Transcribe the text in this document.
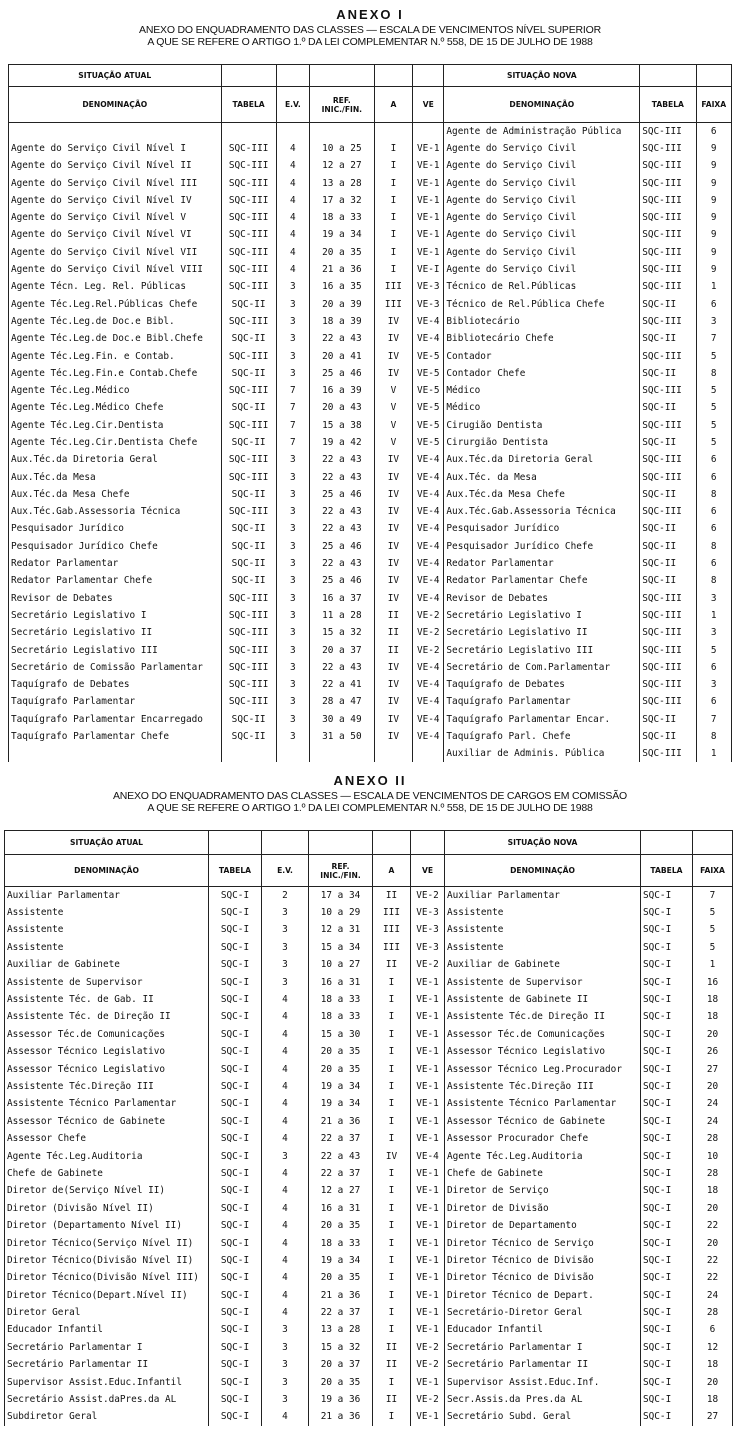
ANEXO I
ANEXO DO ENQUADRAMENTO DAS CLASSES — ESCALA DE VENCIMENTOS NÍVEL SUPERIOR
A QUE SE REFERE O ARTIGO 1.º DA LEI COMPLEMENTAR N.º 558, DE 15 DE JULHO DE 1988
SITUAÇÃO ATUAL						SITUAÇÃO NOVA		
DENOMINAÇÃO	TABELA	E.V.	REF.
INIC./FIN.	A	VE	DENOMINAÇÃO	TABELA	FAIXA
						Agente de Administração Pública	SQC-III	6
Agente do Serviço Civil Nível I	SQC-III	4	10 a 25	I	VE-1	Agente do Serviço Civil	SQC-III	9
Agente do Serviço Civil Nível II	SQC-III	4	12 a 27	I	VE-1	Agente do Serviço Civil	SQC-III	9
Agente do Serviço Civil Nível III	SQC-III	4	13 a 28	I	VE-1	Agente do Serviço Civil	SQC-III	9
Agente do Serviço Civil Nível IV	SQC-III	4	17 a 32	I	VE-1	Agente do Serviço Civil	SQC-III	9
Agente do Serviço Civil Nível V	SQC-III	4	18 a 33	I	VE-1	Agente do Serviço Civil	SQC-III	9
Agente do Serviço Civil Nível VI	SQC-III	4	19 a 34	I	VE-1	Agente do Serviço Civil	SQC-III	9
Agente do Serviço Civil Nível VII	SQC-III	4	20 a 35	I	VE-1	Agente do Serviço Civil	SQC-III	9
Agente do Serviço Civil Nível VIII	SQC-III	4	21 a 36	I	VE-I	Agente do Serviço Civil	SQC-III	9
Agente Técn. Leg. Rel. Públicas	SQC-III	3	16 a 35	III	VE-3	Técnico de Rel.Públicas	SQC-III	1
Agente Téc.Leg.Rel.Públicas Chefe	SQC-II	3	20 a 39	III	VE-3	Técnico de Rel.Pública Chefe	SQC-II	6
Agente Téc.Leg.de Doc.e Bibl.	SQC-III	3	18 a 39	IV	VE-4	Bibliotecário	SQC-III	3
Agente Téc.Leg.de Doc.e Bibl.Chefe	SQC-II	3	22 a 43	IV	VE-4	Bibliotecário Chefe	SQC-II	7
Agente Téc.Leg.Fin. e Contab.	SQC-III	3	20 a 41	IV	VE-5	Contador	SQC-III	5
Agente Téc.Leg.Fin.e Contab.Chefe	SQC-II	3	25 a 46	IV	VE-5	Contador Chefe	SQC-II	8
Agente Téc.Leg.Médico	SQC-III	7	16 a 39	V	VE-5	Médico	SQC-III	5
Agente Téc.Leg.Médico Chefe	SQC-II	7	20 a 43	V	VE-5	Médico	SQC-II	5
Agente Téc.Leg.Cir.Dentista	SQC-III	7	15 a 38	V	VE-5	Cirugião Dentista	SQC-III	5
Agente Téc.Leg.Cir.Dentista Chefe	SQC-II	7	19 a 42	V	VE-5	Cirurgião Dentista	SQC-II	5
Aux.Téc.da Diretoria Geral	SQC-III	3	22 a 43	IV	VE-4	Aux.Téc.da Diretoria Geral	SQC-III	6
Aux.Téc.da Mesa	SQC-III	3	22 a 43	IV	VE-4	Aux.Téc. da Mesa	SQC-III	6
Aux.Téc.da Mesa Chefe	SQC-II	3	25 a 46	IV	VE-4	Aux.Téc.da Mesa Chefe	SQC-II	8
Aux.Téc.Gab.Assessoria Técnica	SQC-III	3	22 a 43	IV	VE-4	Aux.Téc.Gab.Assessoria Técnica	SQC-III	6
Pesquisador Jurídico	SQC-II	3	22 a 43	IV	VE-4	Pesquisador Jurídico	SQC-II	6
Pesquisador Jurídico Chefe	SQC-II	3	25 a 46	IV	VE-4	Pesquisador Jurídico Chefe	SQC-II	8
Redator Parlamentar	SQC-II	3	22 a 43	IV	VE-4	Redator Parlamentar	SQC-II	6
Redator Parlamentar Chefe	SQC-II	3	25 a 46	IV	VE-4	Redator Parlamentar Chefe	SQC-II	8
Revisor de Debates	SQC-III	3	16 a 37	IV	VE-4	Revisor de Debates	SQC-III	3
Secretário Legislativo I	SQC-III	3	11 a 28	II	VE-2	Secretário Legislativo I	SQC-III	1
Secretário Legislativo II	SQC-III	3	15 a 32	II	VE-2	Secretário Legislativo II	SQC-III	3
Secretário Legislativo III	SQC-III	3	20 a 37	II	VE-2	Secretário Legislativo III	SQC-III	5
Secretário de Comissão Parlamentar	SQC-III	3	22 a 43	IV	VE-4	Secretário de Com.Parlamentar	SQC-III	6
Taquígrafo de Debates	SQC-III	3	22 a 41	IV	VE-4	Taquígrafo de Debates	SQC-III	3
Taquígrafo Parlamentar	SQC-III	3	28 a 47	IV	VE-4	Taquígrafo Parlamentar	SQC-III	6
Taquígrafo Parlamentar Encarregado	SQC-II	3	30 a 49	IV	VE-4	Taquígrafo Parlamentar Encar.	SQC-II	7
Taquígrafo Parlamentar Chefe	SQC-II	3	31 a 50	IV	VE-4	Taquígrafo Parl. Chefe	SQC-II	8
						Auxiliar de Adminis. Pública	SQC-III	1
ANEXO II
ANEXO DO ENQUADRAMENTO DAS CLASSES — ESCALA DE VENCIMENTOS DE CARGOS EM COMISSÃO
A QUE SE REFERE O ARTIGO 1.º DA LEI COMPLEMENTAR N.º 558, DE 15 DE JULHO DE 1988
SITUAÇÃO ATUAL						SITUAÇÃO NOVA		
DENOMINAÇÃO	TABELA	E.V.	REF.
INIC./FIN.	A	VE	DENOMINAÇÃO	TABELA	FAIXA
Auxiliar Parlamentar	SQC-I	2	17 a 34	II	VE-2	Auxiliar Parlamentar	SQC-I	7
Assistente	SQC-I	3	10 a 29	III	VE-3	Assistente	SQC-I	5
Assistente	SQC-I	3	12 a 31	III	VE-3	Assistente	SQC-I	5
Assistente	SQC-I	3	15 a 34	III	VE-3	Assistente	SQC-I	5
Auxiliar de Gabinete	SQC-I	3	10 a 27	II	VE-2	Auxiliar de Gabinete	SQC-I	1
Assistente de Supervisor	SQC-I	3	16 a 31	I	VE-1	Assistente de Supervisor	SQC-I	16
Assistente Téc. de Gab. II	SQC-I	4	18 a 33	I	VE-1	Assistente de Gabinete II	SQC-I	18
Assistente Téc. de Direção II	SQC-I	4	18 a 33	I	VE-1	Assistente Téc.de Direção II	SQC-I	18
Assessor Téc.de Comunicações	SQC-I	4	15 a 30	I	VE-1	Assessor Téc.de Comunicações	SQC-I	20
Assessor Técnico Legislativo	SQC-I	4	20 a 35	I	VE-1	Assessor Técnico Legislativo	SQC-I	26
Assessor Técnico Legislativo	SQC-I	4	20 a 35	I	VE-1	Assessor Técnico Leg.Procurador	SQC-I	27
Assistente Téc.Direção III	SQC-I	4	19 a 34	I	VE-1	Assistente Téc.Direção III	SQC-I	20
Assistente Técnico Parlamentar	SQC-I	4	19 a 34	I	VE-1	Assistente Técnico Parlamentar	SQC-I	24
Assessor Técnico de Gabinete	SQC-I	4	21 a 36	I	VE-1	Assessor Técnico de Gabinete	SQC-I	24
Assessor Chefe	SQC-I	4	22 a 37	I	VE-1	Assessor Procurador Chefe	SQC-I	28
Agente Téc.Leg.Auditoria	SQC-I	3	22 a 43	IV	VE-4	Agente Téc.Leg.Auditoria	SQC-I	10
Chefe de Gabinete	SQC-I	4	22 a 37	I	VE-1	Chefe de Gabinete	SQC-I	28
Diretor de(Serviço Nível II)	SQC-I	4	12 a 27	I	VE-1	Diretor de Serviço	SQC-I	18
Diretor (Divisão Nível II)	SQC-I	4	16 a 31	I	VE-1	Diretor de Divisão	SQC-I	20
Diretor (Departamento Nível II)	SQC-I	4	20 a 35	I	VE-1	Diretor de Departamento	SQC-I	22
Diretor Técnico(Serviço Nível II)	SQC-I	4	18 a 33	I	VE-1	Diretor Técnico de Serviço	SQC-I	20
Diretor Técnico(Divisão Nível II)	SQC-I	4	19 a 34	I	VE-1	Diretor Técnico de Divisão	SQC-I	22
Diretor Técnico(Divisão Nível III)	SQC-I	4	20 a 35	I	VE-1	Diretor Técnico de Divisão	SQC-I	22
Diretor Técnico(Depart.Nível II)	SQC-I	4	21 a 36	I	VE-1	Diretor Técnico de Depart.	SQC-I	24
Diretor Geral	SQC-I	4	22 a 37	I	VE-1	Secretário-Diretor Geral	SQC-I	28
Educador Infantil	SQC-I	3	13 a 28	I	VE-1	Educador Infantil	SQC-I	6
Secretário Parlamentar I	SQC-I	3	15 a 32	II	VE-2	Secretário Parlamentar I	SQC-I	12
Secretário Parlamentar II	SQC-I	3	20 a 37	II	VE-2	Secretário Parlamentar II	SQC-I	18
Supervisor Assist.Educ.Infantil	SQC-I	3	20 a 35	I	VE-1	Supervisor Assist.Educ.Inf.	SQC-I	20
Secretário Assist.daPres.da AL	SQC-I	3	19 a 36	II	VE-2	Secr.Assis.da Pres.da AL	SQC-I	18
Subdiretor Geral	SQC-I	4	21 a 36	I	VE-1	Secretário Subd. Geral	SQC-I	27
